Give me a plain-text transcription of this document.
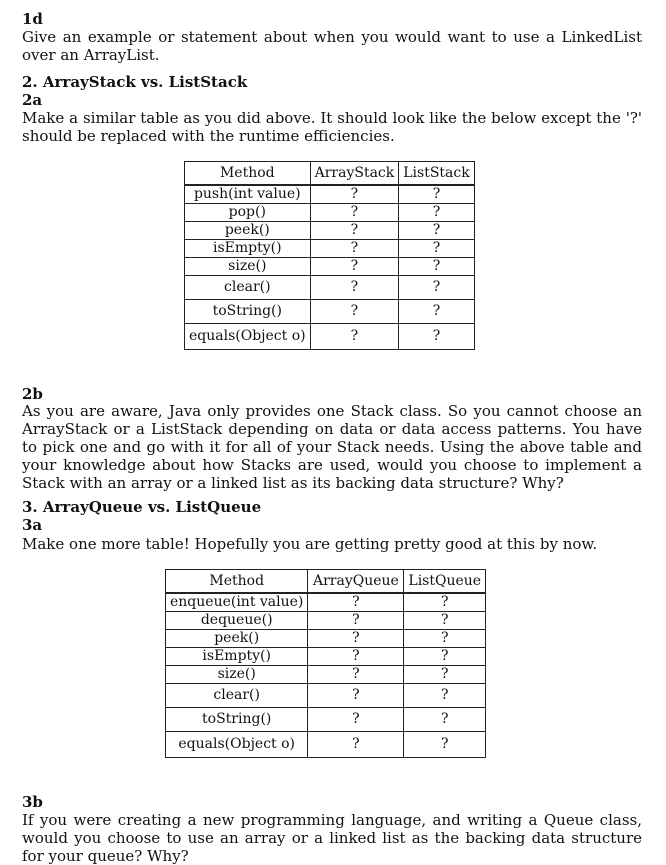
1d
Give an example or statement about when you would want to use a LinkedList over an ArrayList.
2. ArrayStack vs. ListStack
2a
Make a similar table as you did above. It should look like the below except the '?' should be replaced with the runtime efficiencies.
Method	ArrayStack	ListStack
push(int value)	?	?
pop()	?	?
peek()	?	?
isEmpty()	?	?
size()	?	?
clear()	?	?
toString()	?	?
equals(Object o)	?	?
2b
As you are aware, Java only provides one Stack class. So you cannot choose an ArrayStack or a ListStack depending on data or data access patterns. You have to pick one and go with it for all of your Stack needs. Using the above table and your knowledge about how Stacks are used, would you choose to implement a Stack with an array or a linked list as its backing data structure? Why?
3. ArrayQueue vs. ListQueue
3a
Make one more table! Hopefully you are getting pretty good at this by now.
Method	ArrayQueue	ListQueue
enqueue(int value)	?	?
dequeue()	?	?
peek()	?	?
isEmpty()	?	?
size()	?	?
clear()	?	?
toString()	?	?
equals(Object o)	?	?
3b
If you were creating a new programming language, and writing a Queue class, would you choose to use an array or a linked list as the backing data structure for your queue? Why?
